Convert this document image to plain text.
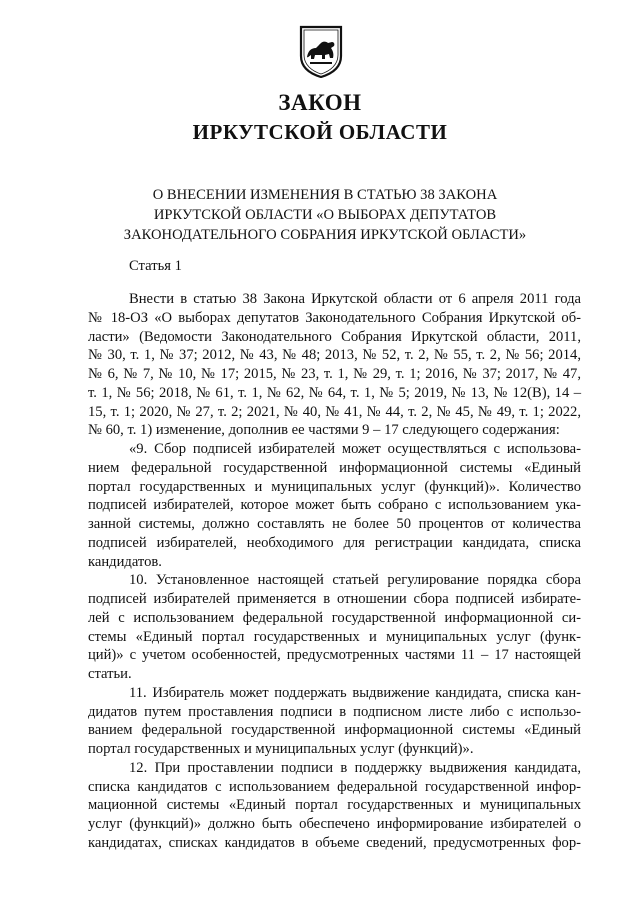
ЗАКОН
ИРКУТСКОЙ ОБЛАСТИ
О ВНЕСЕНИИ ИЗМЕНЕНИЯ В СТАТЬЮ 38 ЗАКОНА
ИРКУТСКОЙ ОБЛАСТИ «О ВЫБОРАХ ДЕПУТАТОВ
ЗАКОНОДАТЕЛЬНОГО СОБРАНИЯ ИРКУТСКОЙ ОБЛАСТИ»
Статья 1
Внести в статью 38 Закона Иркутской области от 6 апреля 2011 года
№ 18-ОЗ «О выборах депутатов Законодательного Собрания Иркутской об-
ласти» (Ведомости Законодательного Собрания Иркутской области, 2011,
№ 30, т. 1, № 37; 2012, № 43, № 48; 2013, № 52, т. 2, № 55, т. 2, № 56; 2014,
№ 6, № 7, № 10, № 17; 2015, № 23, т. 1, № 29, т. 1; 2016, № 37; 2017, № 47,
т. 1, № 56; 2018, № 61, т. 1, № 62, № 64, т. 1, № 5; 2019, № 13, № 12(В), 14 –
15, т. 1; 2020, № 27, т. 2; 2021, № 40, № 41, № 44, т. 2, № 45, № 49, т. 1; 2022,
№ 60, т. 1) изменение, дополнив ее частями 9 – 17 следующего содержания:
«9. Сбор подписей избирателей может осуществляться с использова-
нием федеральной государственной информационной системы «Единый
портал государственных и муниципальных услуг (функций)». Количество
подписей избирателей, которое может быть собрано с использованием ука-
занной системы, должно составлять не более 50 процентов от количества
подписей избирателей, необходимого для регистрации кандидата, списка
кандидатов.
10. Установленное настоящей статьей регулирование порядка сбора
подписей избирателей применяется в отношении сбора подписей избирате-
лей с использованием федеральной государственной информационной си-
стемы «Единый портал государственных и муниципальных услуг (функ-
ций)» с учетом особенностей, предусмотренных частями 11 – 17 настоящей
статьи.
11. Избиратель может поддержать выдвижение кандидата, списка кан-
дидатов путем проставления подписи в подписном листе либо с использо-
ванием федеральной государственной информационной системы «Единый
портал государственных и муниципальных услуг (функций)».
12. При проставлении подписи в поддержку выдвижения кандидата,
списка кандидатов с использованием федеральной государственной инфор-
мационной системы «Единый портал государственных и муниципальных
услуг (функций)» должно быть обеспечено информирование избирателей о
кандидатах, списках кандидатов в объеме сведений, предусмотренных фор-
